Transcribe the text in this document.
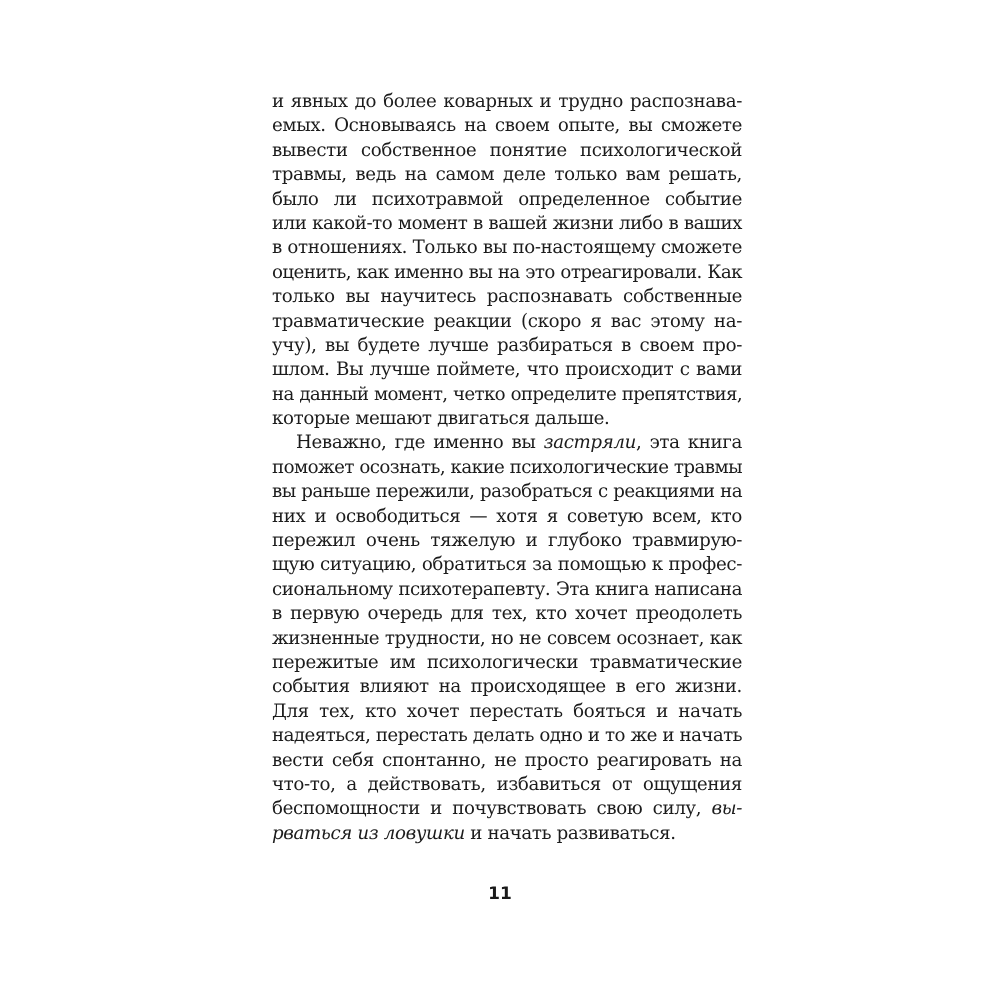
и явных до более коварных и трудно распознава-
емых. Основываясь на своем опыте, вы сможете
вывести собственное понятие психологической
травмы, ведь на самом деле только вам решать,
было ли психотравмой определенное событие
или какой-то момент в вашей жизни либо в ваших
в отношениях. Только вы по-настоящему сможете
оценить, как именно вы на это отреагировали. Как
только вы научитесь распознавать собственные
травматические реакции (скоро я вас этому на-
учу), вы будете лучше разбираться в своем про-
шлом. Вы лучше поймете, что происходит с вами
на данный момент, четко определите препятствия,
которые мешают двигаться дальше.
Неважно, где именно вы застряли, эта книга
поможет осознать, какие психологические травмы
вы раньше пережили, разобраться с реакциями на
них и освободиться — хотя я советую всем, кто
пережил очень тяжелую и глубоко травмирую-
щую ситуацию, обратиться за помощью к профес-
сиональному психотерапевту. Эта книга написана
в первую очередь для тех, кто хочет преодолеть
жизненные трудности, но не совсем осознает, как
пережитые им психологически травматические
события влияют на происходящее в его жизни.
Для тех, кто хочет перестать бояться и начать
надеяться, перестать делать одно и то же и начать
вести себя спонтанно, не просто реагировать на
что-то, а действовать, избавиться от ощущения
беспомощности и почувствовать свою силу, вы-
рваться из ловушки и начать развиваться.
11
